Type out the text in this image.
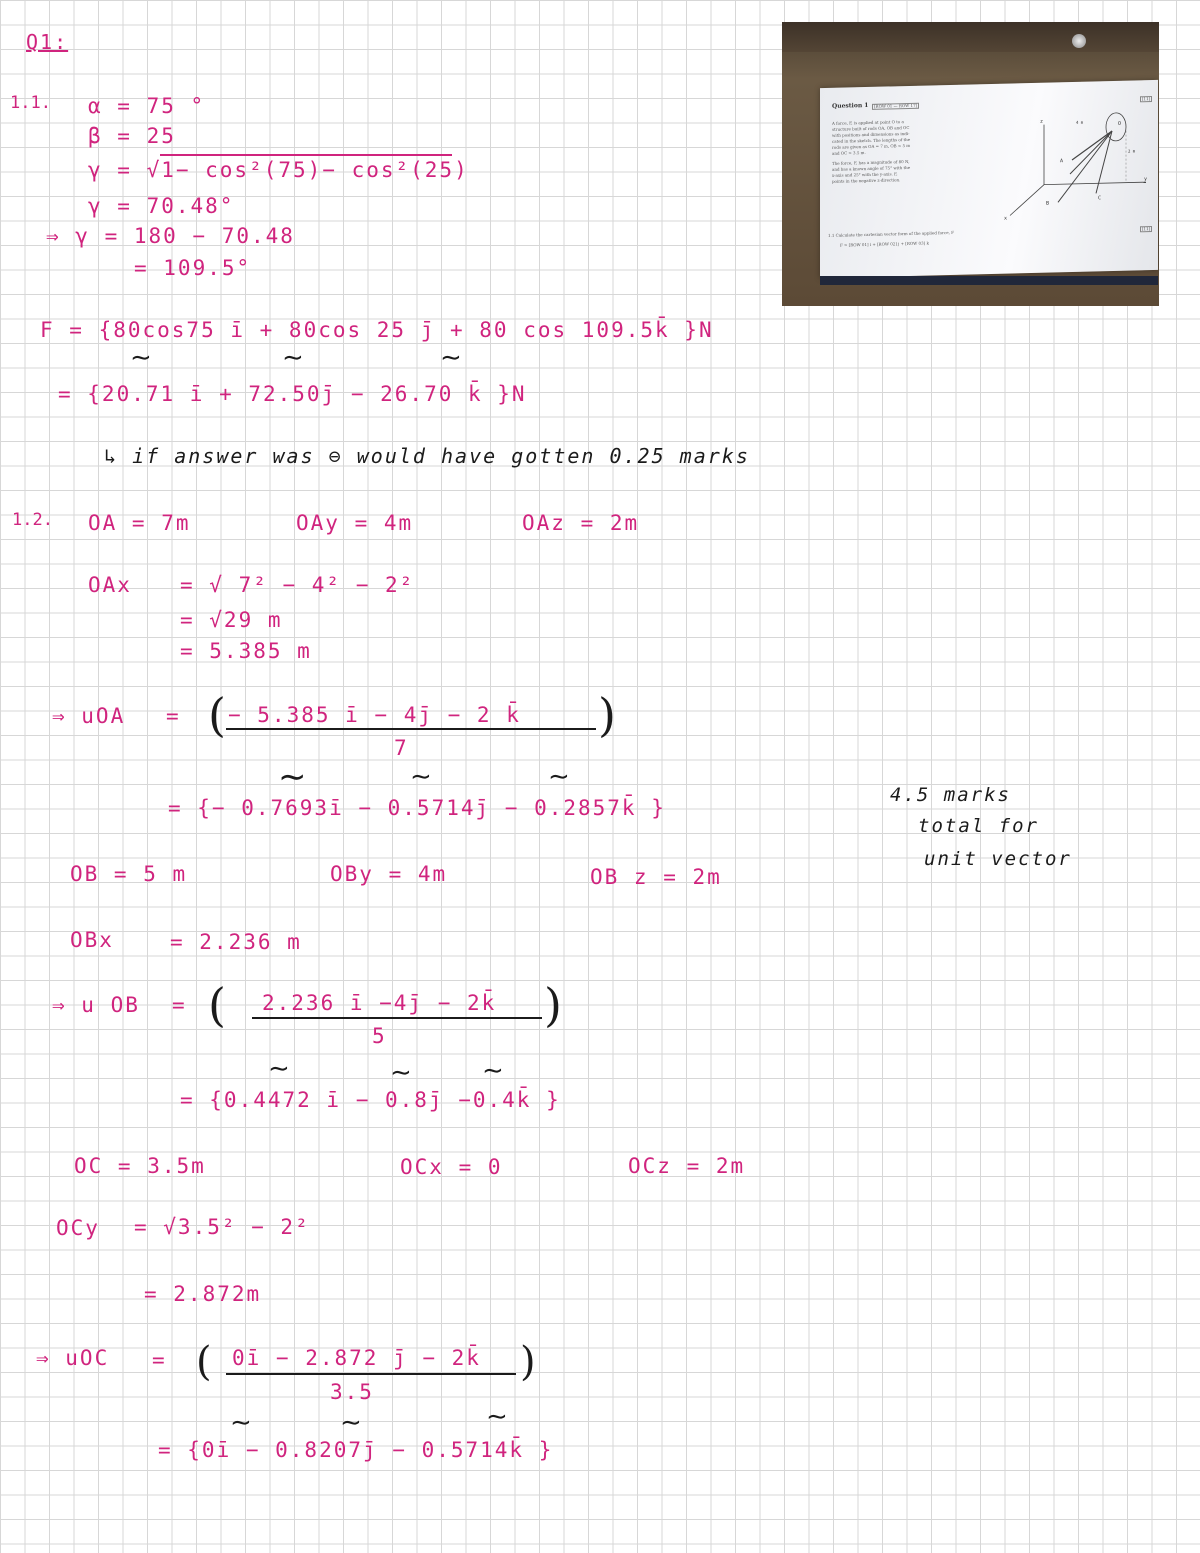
Q1:
1.1. α = 75 °
β = 25
γ = √1− cos²(75)− cos²(25)
γ = 70.48°
⇒ γ = 180 − 70.48
= 109.5°
F = {80cos75 ī + 80cos 25 j̄ + 80 cos 109.5k̄ }N
∼	∼	∼
= {20.71 ī + 72.50j̄ − 26.70 k̄ }N
↳ if answer was ⊖ would have gotten 0.25 marks
1.2. OA = 7m	OAy = 4m	OAz = 2m
OAx = √ 7² − 4² − 2²
= √29 m
= 5.385 m
⇒ uOA = ( − 5.385 ī − 4j̄ − 2 k̄
7
)
∼	∼	∼
= {− 0.7693ī − 0.5714j̄ − 0.2857k̄ }
OB = 5 m	OBy = 4m	OB z = 2m
OBx	= 2.236 m
⇒ u OB = ( 2.236 ī −4j̄ − 2k̄
5
)
∼	∼	∼
= {0.4472 ī − 0.8j̄ −0.4k̄ }
OC = 3.5m	OCx = 0	OCz = 2m
OCy = √3.5² − 2²
= 2.872m
⇒ uOC = ( 0ī − 2.872 j̄ − 2k̄
3.5
)
∼	∼	∼
= {0ī − 0.8207j̄ − 0.5714k̄ }
4.5 marks
total for
unit vector
Question 1	[ROW 01 — ROW 17]
[11]
A force, F, is applied at point O to a
structure built of rods OA, OB and OC
with positions and dimensions as indi-
cated in the sketch. The lengths of the
rods are given as OA = 7 m, OB = 5 m
and OC = 3.5 m.
The force, F, has a magnitude of 80 N,
and has a known angle of 75° with the
x-axis and 25° with the y-axis. F,
points in the negative z-direction.
1.1 Calculate the cartesian vector form of the applied force, F
[11]
F = [ROW 01] i + [ROW 02] j + [ROW 03] k
z
x
y
A
B
C
O
4 m
2 m
